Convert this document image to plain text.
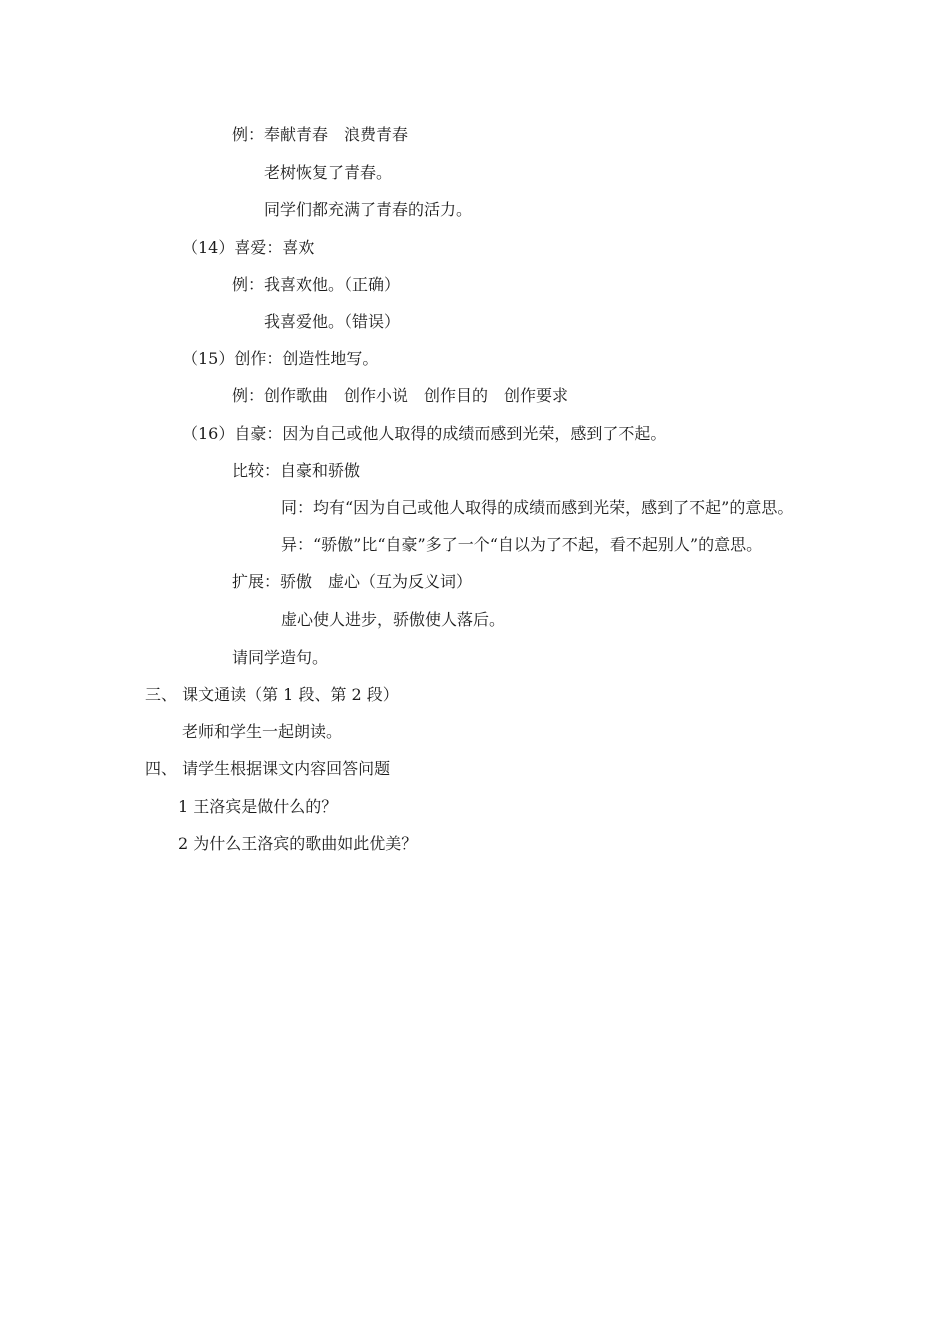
例：奉献青春　浪费青春
老树恢复了青春。
同学们都充满了青春的活力。
（14）喜爱：喜欢
例：我喜欢他。（正确）
我喜爱他。（错误）
（15）创作：创造性地写。
例：创作歌曲　创作小说　创作目的　创作要求
（16）自豪：因为自己或他人取得的成绩而感到光荣，感到了不起。
比较：自豪和骄傲
同：均有“因为自己或他人取得的成绩而感到光荣，感到了不起”的意思。
异：“骄傲”比“自豪”多了一个“自以为了不起，看不起别人”的意思。
扩展：骄傲　虚心（互为反义词）
虚心使人进步，骄傲使人落后。
请同学造句。
三、 课文通读（第 1 段、第 2 段）
老师和学生一起朗读。
四、 请学生根据课文内容回答问题
1 王洛宾是做什么的？
2 为什么王洛宾的歌曲如此优美？
